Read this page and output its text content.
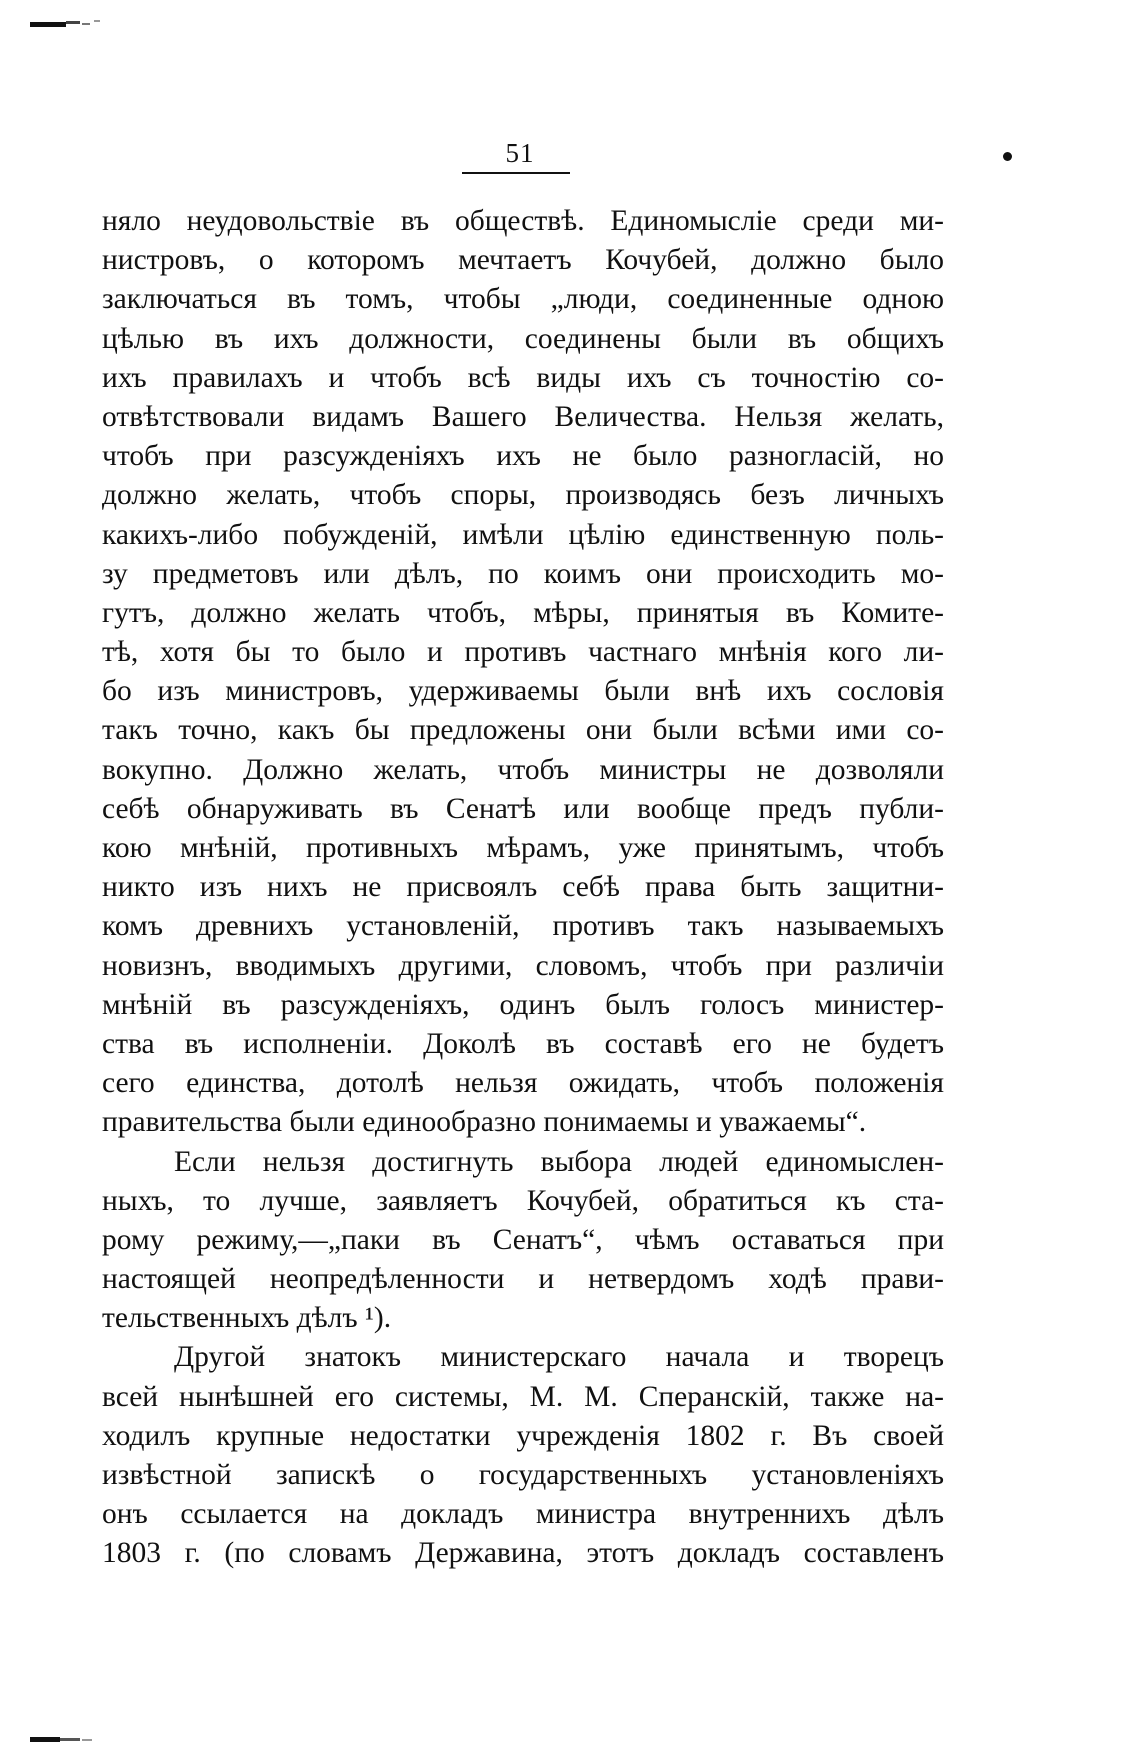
51
няло неудовольствіе въ обществѣ. Единомысліе среди ми-
нистровъ, о которомъ мечтаетъ Кочубей, должно было
заключаться въ томъ, чтобы „люди, соединенные одною
цѣлью въ ихъ должности, соединены были въ общихъ
ихъ правилахъ и чтобъ всѣ виды ихъ съ точностію со-
отвѣтствовали видамъ Вашего Величества. Нельзя желать,
чтобъ при разсужденіяхъ ихъ не было разногласій, но
должно желать, чтобъ споры, производясь безъ личныхъ
какихъ-либо побужденій, имѣли цѣлію единственную поль-
зу предметовъ или дѣлъ, по коимъ они происходить мо-
гутъ, должно желать чтобъ, мѣры, принятыя въ Комите-
тѣ, хотя бы то было и противъ частнаго мнѣнія кого ли-
бо изъ министровъ, удерживаемы были внѣ ихъ сословія
такъ точно, какъ бы предложены они были всѣми ими со-
вокупно. Должно желать, чтобъ министры не дозволяли
себѣ обнаруживать въ Сенатѣ или вообще предъ публи-
кою мнѣній, противныхъ мѣрамъ, уже принятымъ, чтобъ
никто изъ нихъ не присвоялъ себѣ права быть защитни-
комъ древнихъ установленій, противъ такъ называемыхъ
новизнъ, вводимыхъ другими, словомъ, чтобъ при различіи
мнѣній въ разсужденіяхъ, одинъ былъ голосъ министер-
ства въ исполненіи. Доколѣ въ составѣ его не будетъ
сего единства, дотолѣ нельзя ожидать, чтобъ положенія
правительства были единообразно понимаемы и уважаемы“.
Если нельзя достигнуть выбора людей единомыслен-
ныхъ, то лучше, заявляетъ Кочубей, обратиться къ ста-
рому режиму,—„паки въ Сенатъ“, чѣмъ оставаться при
настоящей неопредѣленности и нетвердомъ ходѣ прави-
тельственныхъ дѣлъ ¹).
Другой знатокъ министерскаго начала и творецъ
всей нынѣшней его системы, М. М. Сперанскій, также на-
ходилъ крупные недостатки учрежденія 1802 г. Въ своей
извѣстной запискѣ о государственныхъ установленіяхъ
онъ ссылается на докладъ министра внутреннихъ дѣлъ
1803 г. (по словамъ Державина, этотъ докладъ составленъ
